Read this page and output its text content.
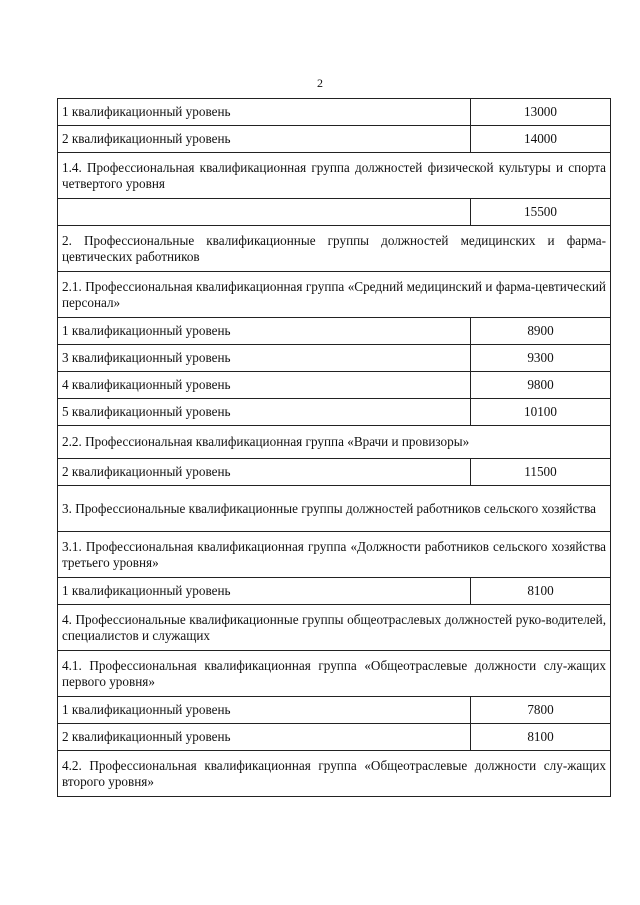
2
1 квалификационный уровень	13000
2 квалификационный уровень	14000
1.4. Профессиональная квалификационная группа должностей физической культуры и спорта четвертого уровня	
	15500
2. Профессиональные квалификационные группы должностей медицинских и фарма-цевтических работников	
2.1. Профессиональная квалификационная группа «Средний медицинский и фарма-цевтический персонал»	
1 квалификационный уровень	8900
3 квалификационный уровень	9300
4 квалификационный уровень	9800
5 квалификационный уровень	10100
2.2. Профессиональная квалификационная группа «Врачи и провизоры»	
2 квалификационный уровень	11500
3. Профессиональные квалификационные группы должностей работников сельского хозяйства	
3.1. Профессиональная квалификационная группа «Должности работников сельского хозяйства третьего уровня»	
1 квалификационный уровень	8100
4. Профессиональные квалификационные группы общеотраслевых должностей руко-водителей, специалистов и служащих	
4.1. Профессиональная квалификационная группа «Общеотраслевые должности слу-жащих первого уровня»	
1 квалификационный уровень	7800
2 квалификационный уровень	8100
4.2. Профессиональная квалификационная группа «Общеотраслевые должности слу-жащих второго уровня»	
